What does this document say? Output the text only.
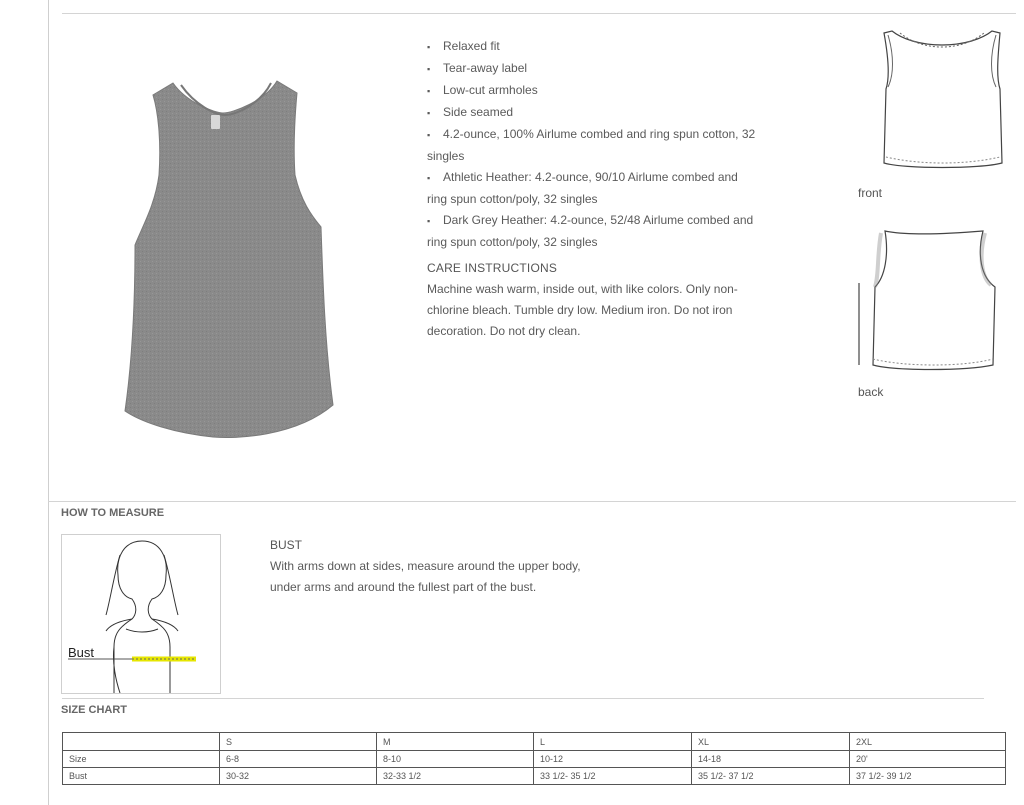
▪ Relaxed fit
▪ Tear-away label
▪ Low-cut armholes
▪ Side seamed
▪ 4.2-ounce, 100% Airlume combed and ring spun cotton, 32 singles
▪ Athletic Heather: 4.2-ounce, 90/10 Airlume combed and ring spun cotton/poly, 32 singles
▪ Dark Grey Heather: 4.2-ounce, 52/48 Airlume combed and ring spun cotton/poly, 32 singles
CARE INSTRUCTIONS
Machine wash warm, inside out, with like colors. Only non-chlorine bleach. Tumble dry low. Medium iron. Do not iron decoration. Do not dry clean.
front
back
HOW TO MEASURE
Bust
BUST
With arms down at sides, measure around the upper body, under arms and around the fullest part of the bust.
SIZE CHART
	S	M	L	XL	2XL
Size	6-8	8-10	10-12	14-18	20'
Bust	30-32	32-33 1/2	33 1/2- 35 1/2	35 1/2- 37 1/2	37 1/2- 39 1/2
